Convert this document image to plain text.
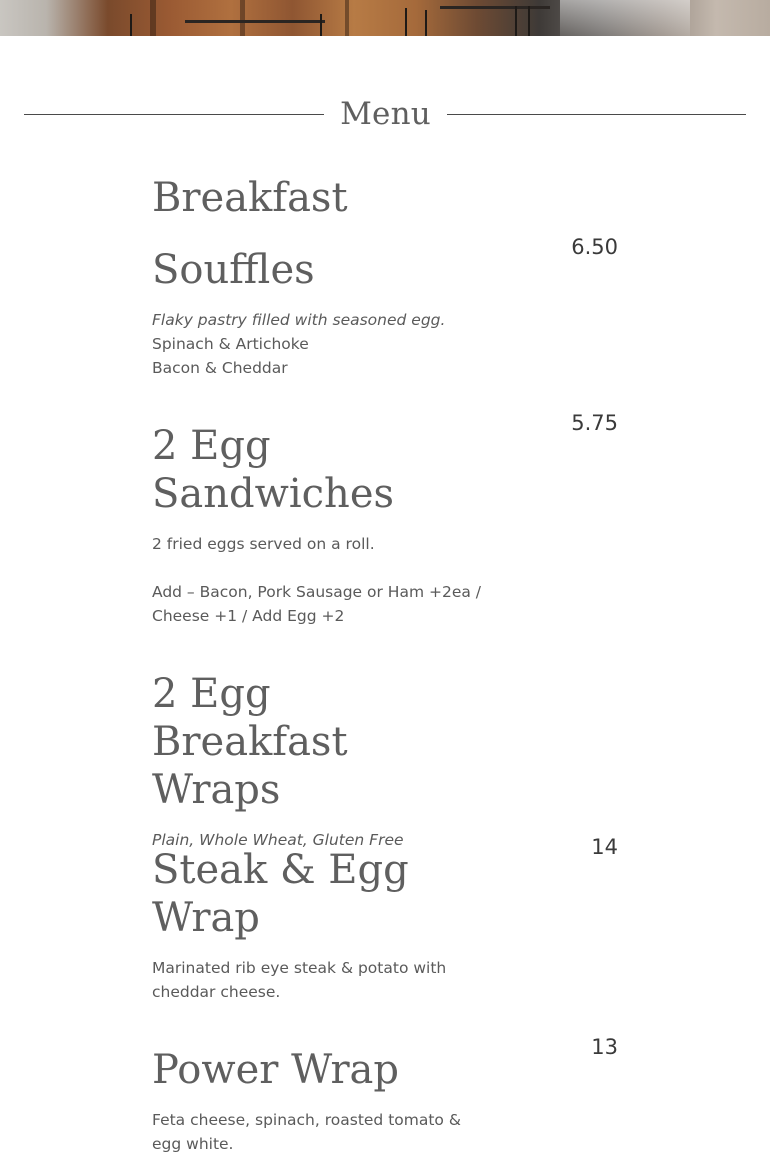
Menu
Breakfast
Souffles	6.50
Flaky pastry filled with seasoned egg.
Spinach & Artichoke
Bacon & Cheddar
2 Egg Sandwiches
5.75
2 fried eggs served on a roll.
Add – Bacon, Pork Sausage or Ham +2ea / Cheese +1 / Add Egg +2
2 Egg Breakfast Wraps
Plain, Whole Wheat, Gluten Free
Steak & Egg Wrap
14
Marinated rib eye steak & potato with cheddar cheese.
Power Wrap	13
Feta cheese, spinach, roasted tomato & egg white.
